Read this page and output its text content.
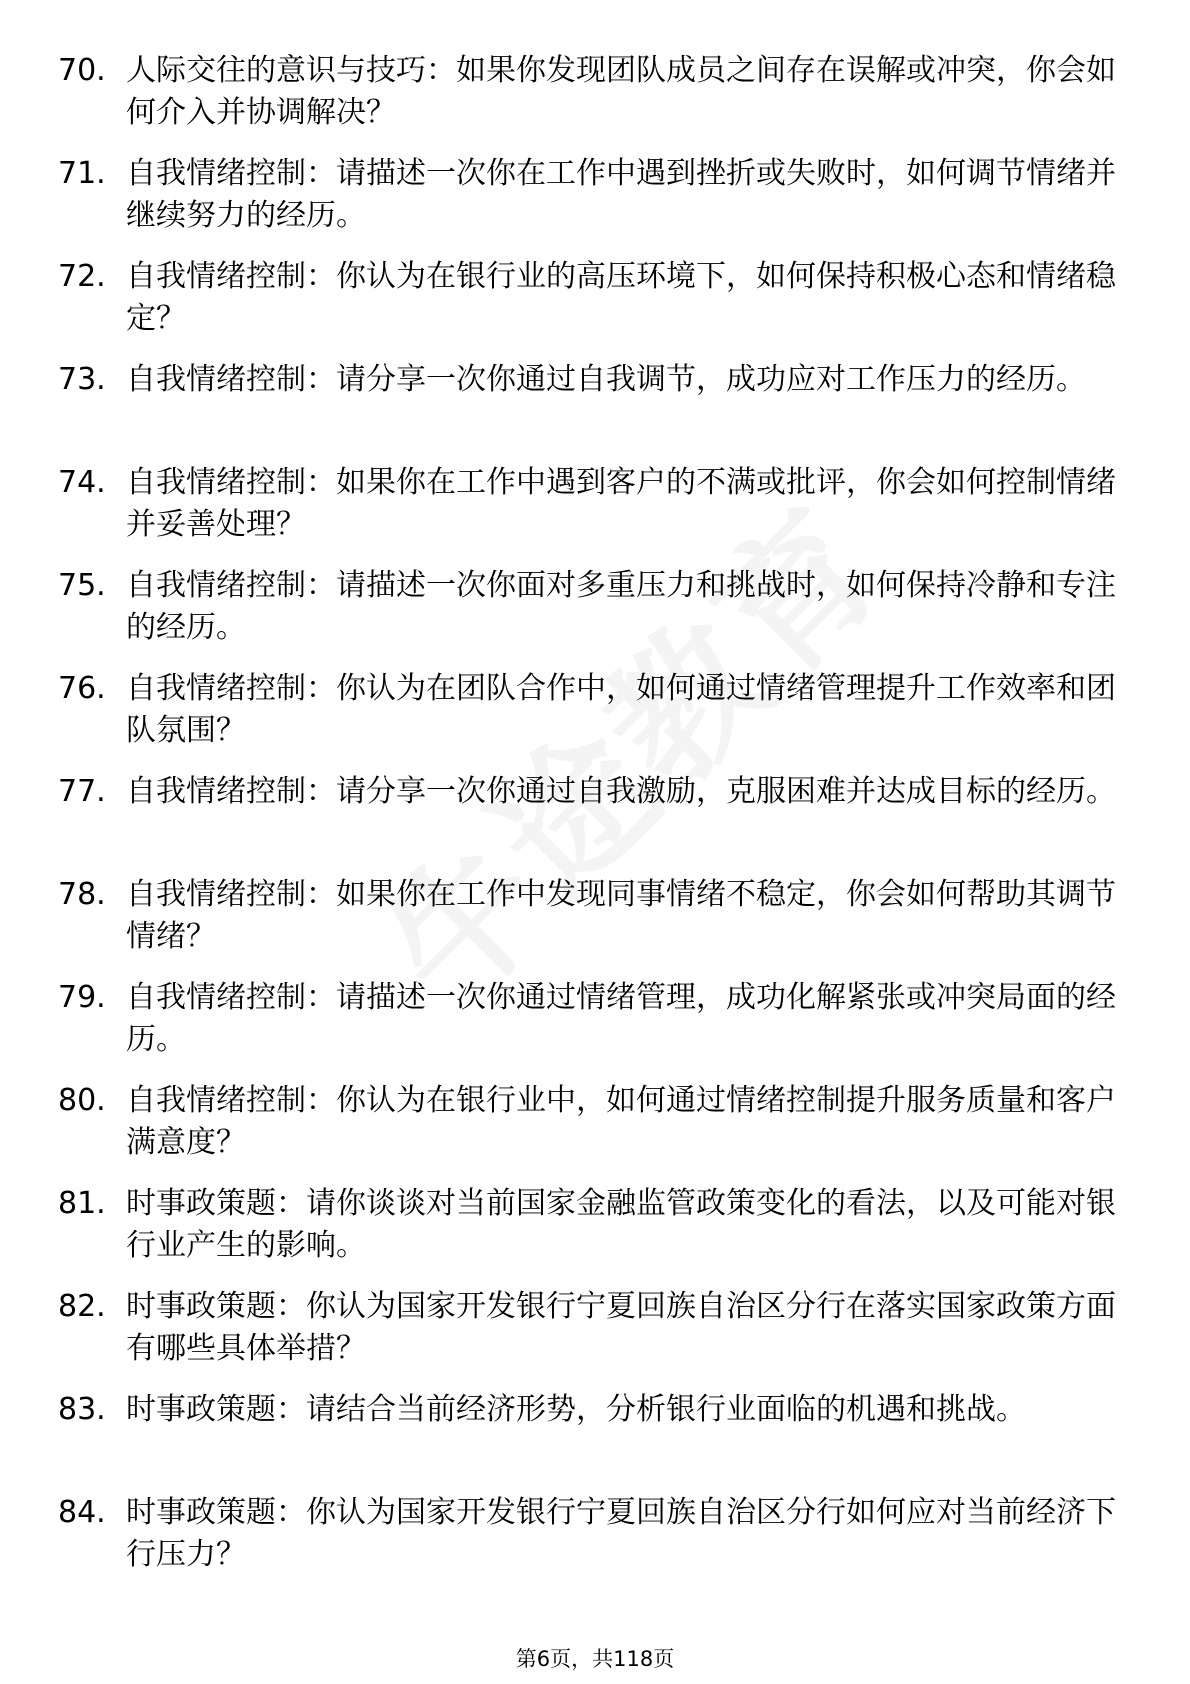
70. 人际交往的意识与技巧：如果你发现团队成员之间存在误解或冲突，你会如何介入并协调解决？
71. 自我情绪控制：请描述一次你在工作中遇到挫折或失败时，如何调节情绪并继续努力的经历。
72. 自我情绪控制：你认为在银行业的高压环境下，如何保持积极心态和情绪稳定？
73. 自我情绪控制：请分享一次你通过自我调节，成功应对工作压力的经历。
74. 自我情绪控制：如果你在工作中遇到客户的不满或批评，你会如何控制情绪并妥善处理？
75. 自我情绪控制：请描述一次你面对多重压力和挑战时，如何保持冷静和专注的经历。
76. 自我情绪控制：你认为在团队合作中，如何通过情绪管理提升工作效率和团队氛围？
77. 自我情绪控制：请分享一次你通过自我激励，克服困难并达成目标的经历。
78. 自我情绪控制：如果你在工作中发现同事情绪不稳定，你会如何帮助其调节情绪？
79. 自我情绪控制：请描述一次你通过情绪管理，成功化解紧张或冲突局面的经历。
80. 自我情绪控制：你认为在银行业中，如何通过情绪控制提升服务质量和客户满意度？
81. 时事政策题：请你谈谈对当前国家金融监管政策变化的看法，以及可能对银行业产生的影响。
82. 时事政策题：你认为国家开发银行宁夏回族自治区分行在落实国家政策方面有哪些具体举措？
83. 时事政策题：请结合当前经济形势，分析银行业面临的机遇和挑战。
84. 时事政策题：你认为国家开发银行宁夏回族自治区分行如何应对当前经济下行压力？
第6页，共118页
